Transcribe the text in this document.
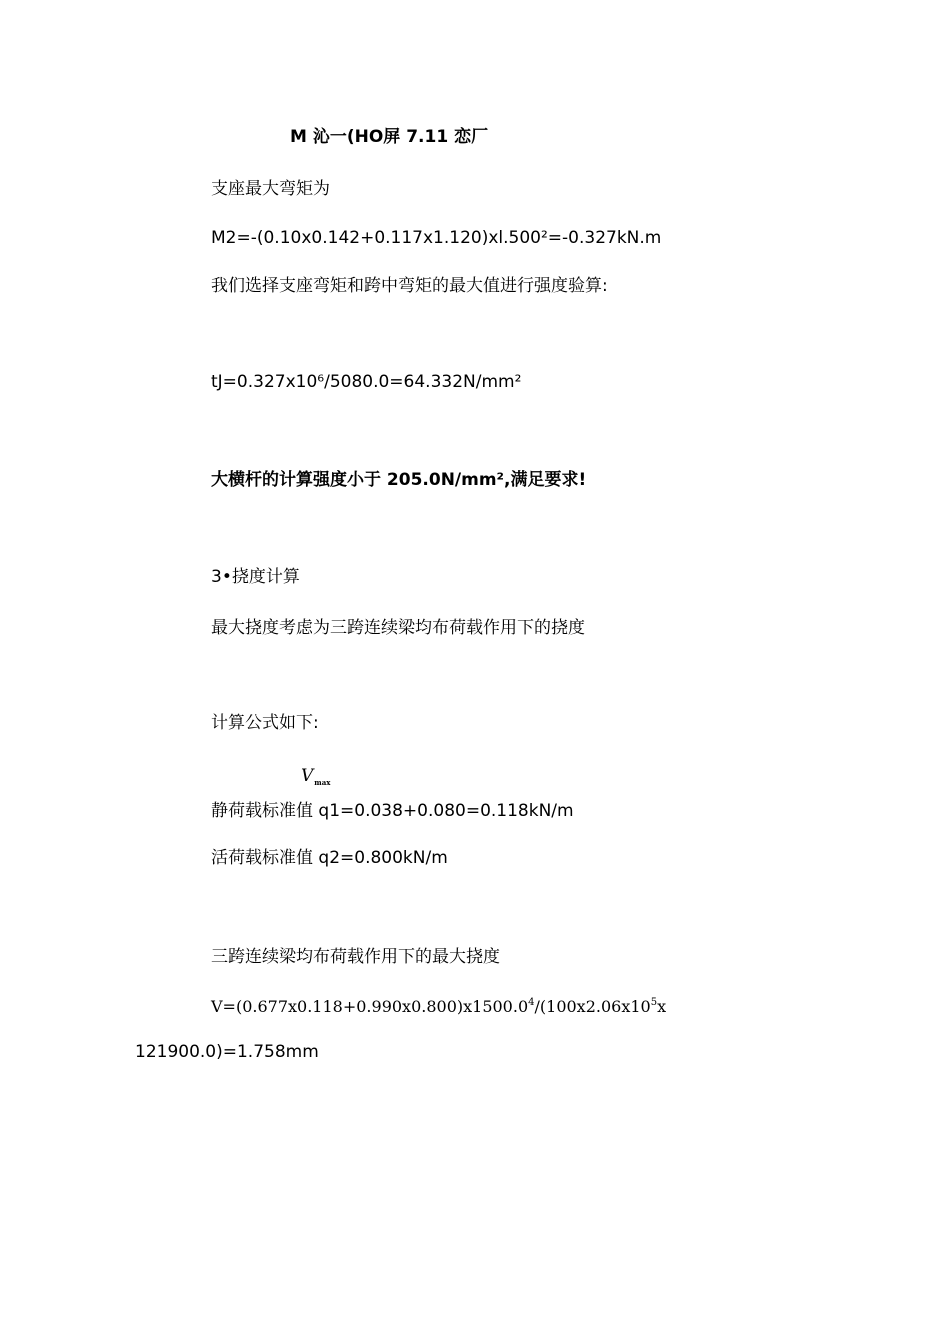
M 沁一(HO屏 7.11 恋厂
支座最大弯矩为
M2=-(0.10x0.142+0.117x1.120)xl.500²=-0.327kN.m
我们选择支座弯矩和跨中弯矩的最大值进行强度验算:
tJ=0.327x10⁶/5080.0=64.332N/mm²
大横杆的计算强度小于 205.0N/mm²,满足要求!
3•挠度计算
最大挠度考虑为三跨连续梁均布荷载作用下的挠度
计算公式如下:
$V_{max}$
静荷载标准值 q1=0.038+0.080=0.118kN/m
活荷载标准值 q2=0.800kN/m
三跨连续梁均布荷载作用下的最大挠度
$V=(0.677x0.118+0.990x0.800)x1500.0^4/(100x2.06x10^5x$
121900.0)=1.758mm
